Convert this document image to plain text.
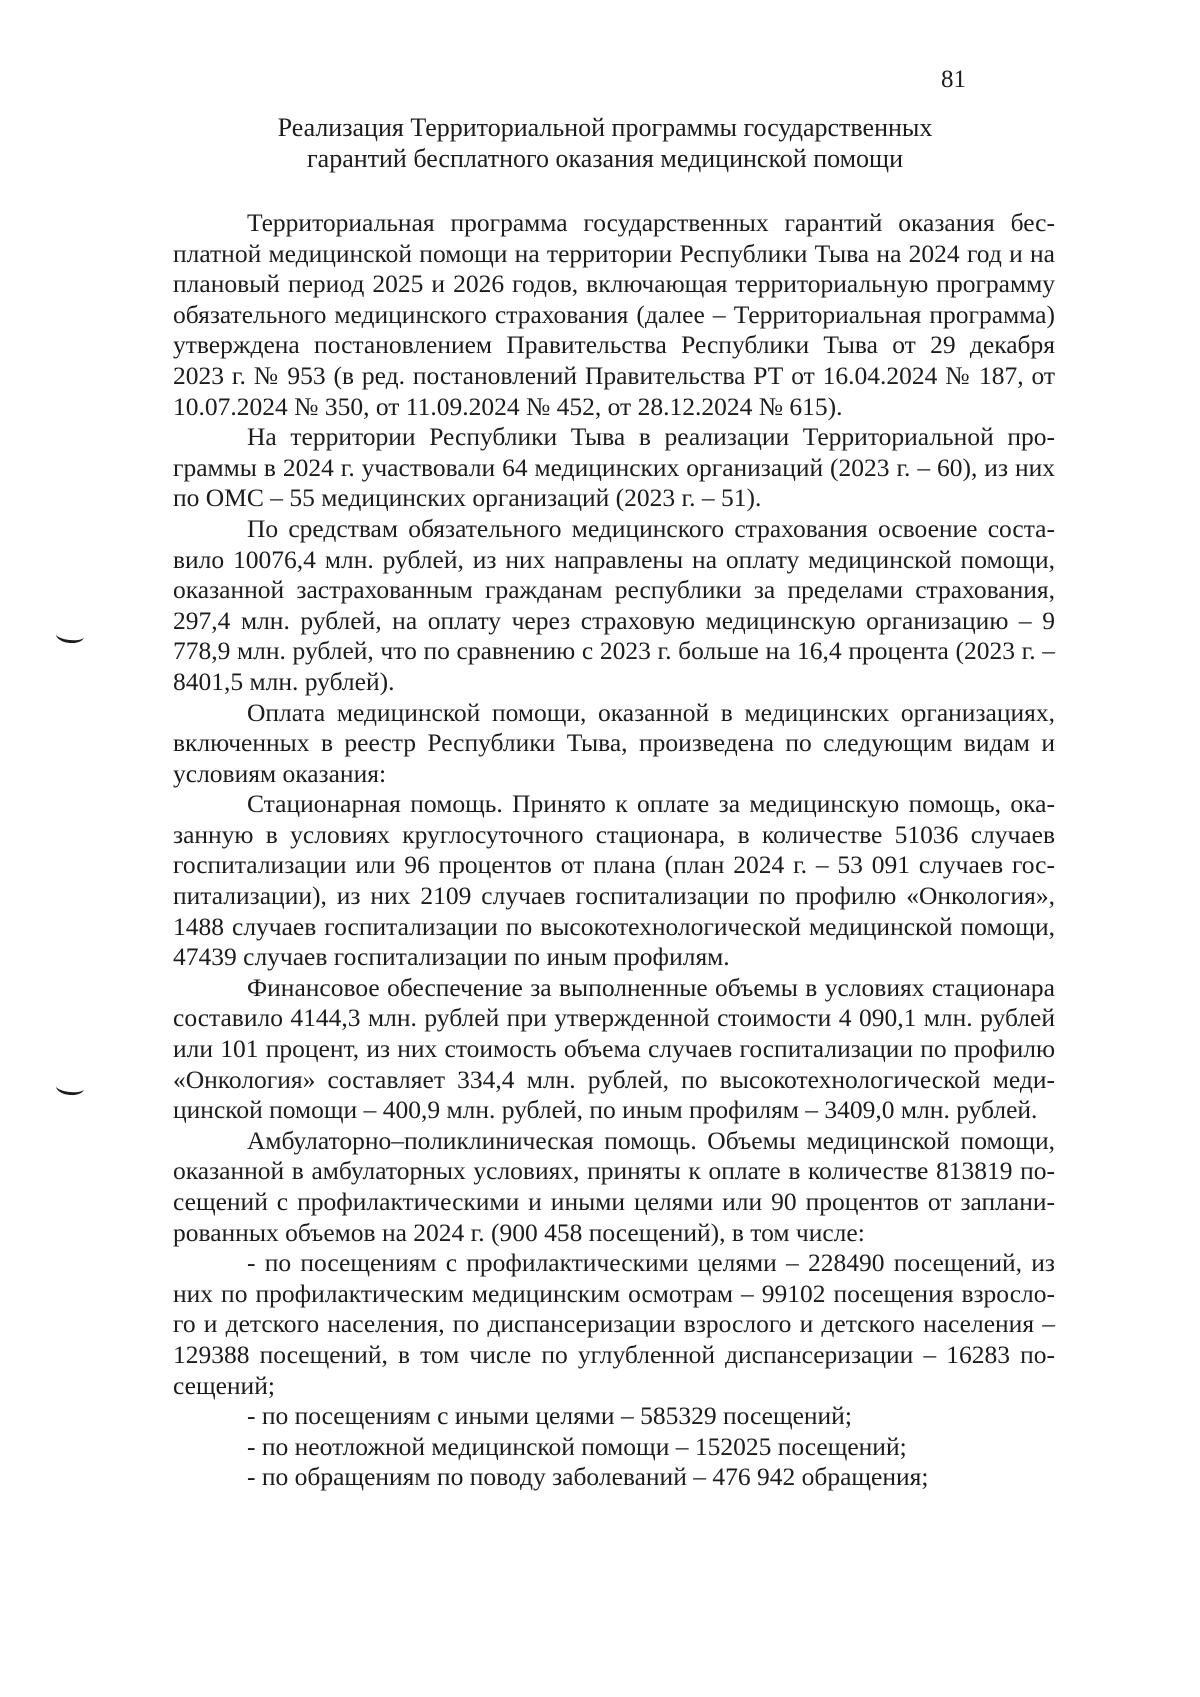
81
Реализация Территориальной программы государственных
гарантий бесплатного оказания медицинской помощи

Территориальная программа государственных гарантий оказания бесплатной медицинской помощи на территории Республики Тыва на 2024 год и на плановый период 2025 и 2026 годов, включающая территориальную программу обязательного медицинского страхования (далее – Территориальная программа) утверждена постановлением Правительства Республики Тыва от 29 декабря 2023 г. № 953 (в ред. постановлений Правительства РТ от 16.04.2024 № 187, от 10.07.2024 № 350, от 11.09.2024 № 452, от 28.12.2024 № 615).

На территории Республики Тыва в реализации Территориальной программы в 2024 г. участвовали 64 медицинских организаций (2023 г. – 60), из них по ОМС – 55 медицинских организаций (2023 г. – 51).

По средствам обязательного медицинского страхования освоение составило 10076,4 млн. рублей, из них направлены на оплату медицинской помощи, оказанной застрахованным гражданам республики за пределами страхования, 297,4 млн. рублей, на оплату через страховую медицинскую организацию – 9 778,9 млн. рублей, что по сравнению с 2023 г. больше на 16,4 процента (2023 г. – 8401,5 млн. рублей).

Оплата медицинской помощи, оказанной в медицинских организациях, включенных в реестр Республики Тыва, произведена по следующим видам и условиям оказания:

Стационарная помощь. Принято к оплате за медицинскую помощь, оказанную в условиях круглосуточного стационара, в количестве 51036 случаев госпитализации или 96 процентов от плана (план 2024 г. – 53 091 случаев госпитализации), из них 2109 случаев госпитализации по профилю «Онкология», 1488 случаев госпитализации по высокотехнологической медицинской помощи, 47439 случаев госпитализации по иным профилям.

Финансовое обеспечение за выполненные объемы в условиях стационара составило 4144,3 млн. рублей при утвержденной стоимости 4 090,1 млн. рублей или 101 процент, из них стоимость объема случаев госпитализации по профилю «Онкология» составляет 334,4 млн. рублей, по высокотехнологической медицинской помощи – 400,9 млн. рублей, по иным профилям – 3409,0 млн. рублей.

Амбулаторно–поликлиническая помощь. Объемы медицинской помощи, оказанной в амбулаторных условиях, приняты к оплате в количестве 813819 посещений с профилактическими и иными целями или 90 процентов от запланированных объемов на 2024 г. (900 458 посещений), в том числе:

- по посещениям с профилактическими целями – 228490 посещений, из них по профилактическим медицинским осмотрам – 99102 посещения взрослого и детского населения, по диспансеризации взрослого и детского населения – 129388 посещений, в том числе по углубленной диспансеризации – 16283 посещений;

- по посещениям с иными целями – 585329 посещений;

- по неотложной медицинской помощи – 152025 посещений;

- по обращениям по поводу заболеваний – 476 942 обращения;
